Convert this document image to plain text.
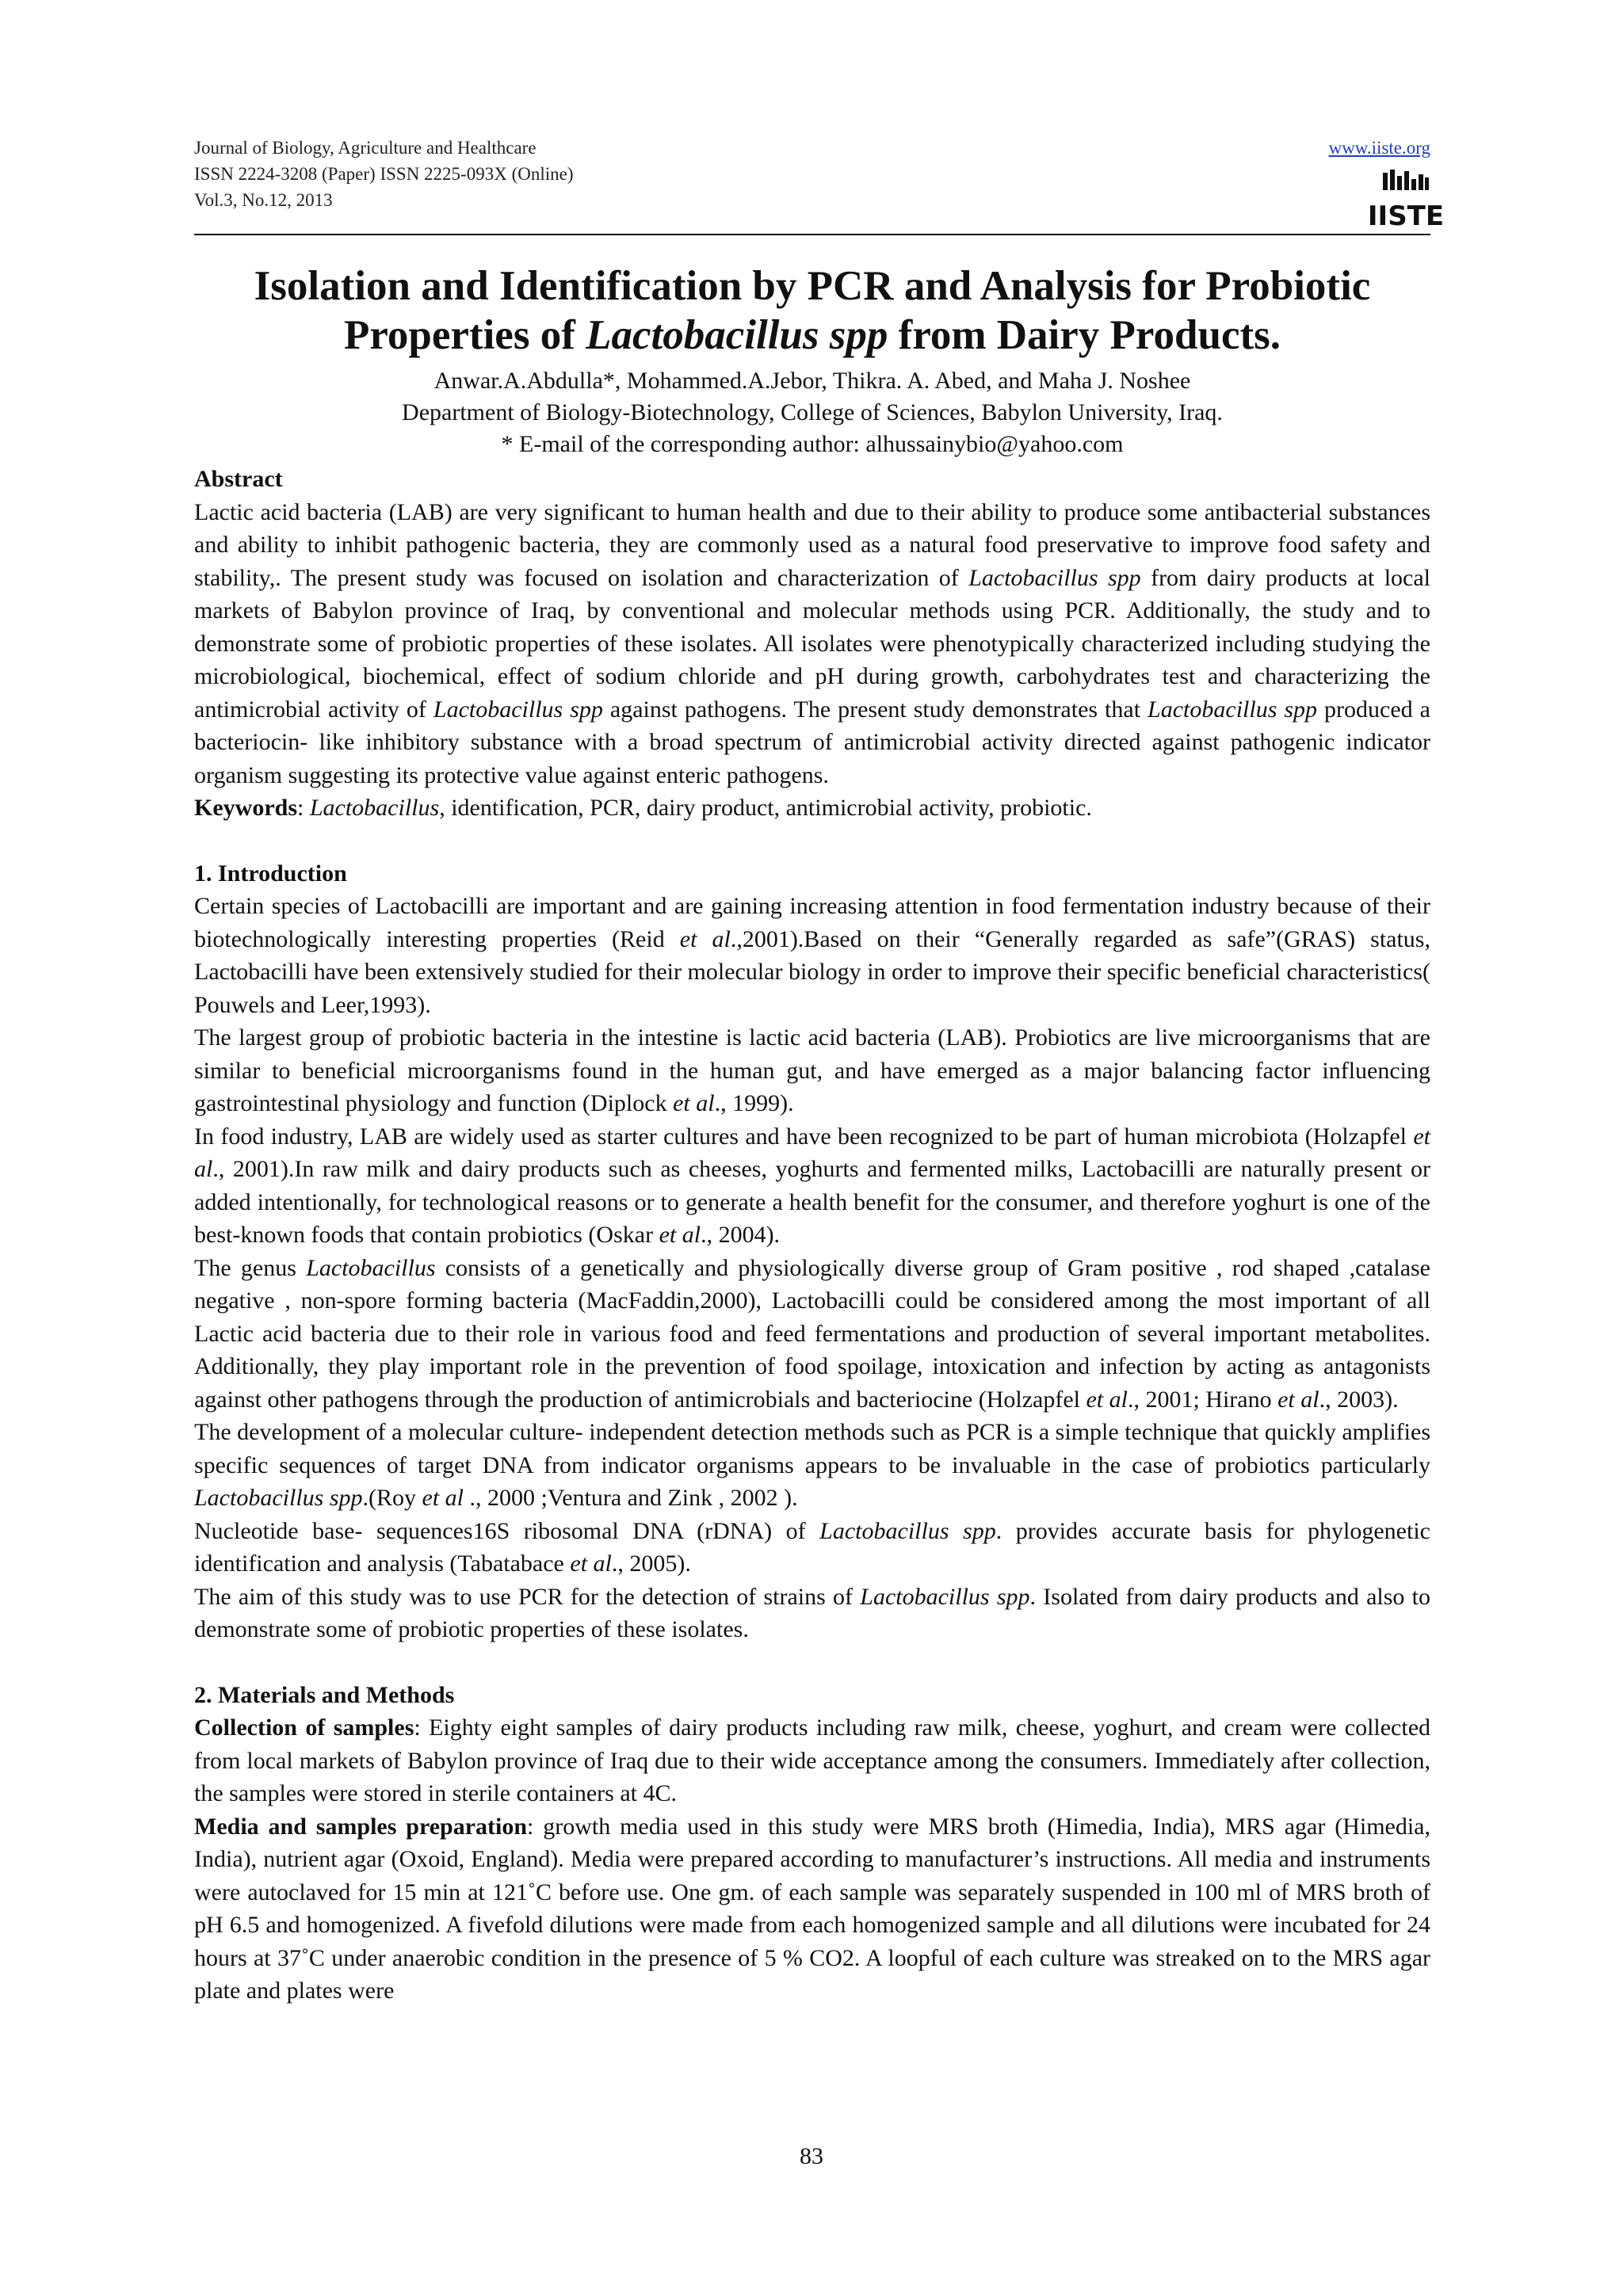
Journal of Biology, Agriculture and Healthcare
ISSN 2224-3208 (Paper) ISSN 2225-093X (Online)
Vol.3, No.12, 2013
www.iiste.org
IISTE
Isolation and Identification by PCR and Analysis for Probiotic
Properties of Lactobacillus spp from Dairy Products.
Anwar.A.Abdulla*, Mohammed.A.Jebor, Thikra. A. Abed, and Maha J. Noshee
Department of Biology-Biotechnology, College of Sciences, Babylon University, Iraq.
* E-mail of the corresponding author: alhussainybio@yahoo.com

Abstract

Lactic acid bacteria (LAB) are very significant to human health and due to their ability to produce some antibacterial substances and ability to inhibit pathogenic bacteria, they are commonly used as a natural food preservative to improve food safety and stability,. The present study was focused on isolation and characterization of Lactobacillus spp from dairy products at local markets of Babylon province of Iraq, by conventional and molecular methods using PCR. Additionally, the study and to demonstrate some of probiotic properties of these isolates. All isolates were phenotypically characterized including studying the microbiological, biochemical, effect of sodium chloride and pH during growth, carbohydrates test and characterizing the antimicrobial activity of Lactobacillus spp against pathogens. The present study demonstrates that Lactobacillus spp produced a bacteriocin- like inhibitory substance with a broad spectrum of antimicrobial activity directed against pathogenic indicator organism suggesting its protective value against enteric pathogens.

Keywords: Lactobacillus, identification, PCR, dairy product, antimicrobial activity, probiotic.

1. Introduction

Certain species of Lactobacilli are important and are gaining increasing attention in food fermentation industry because of their biotechnologically interesting properties (Reid et al.,2001).Based on their “Generally regarded as safe”(GRAS) status, Lactobacilli have been extensively studied for their molecular biology in order to improve their specific beneficial characteristics( Pouwels and Leer,1993).

The largest group of probiotic bacteria in the intestine is lactic acid bacteria (LAB). Probiotics are live microorganisms that are similar to beneficial microorganisms found in the human gut, and have emerged as a major balancing factor influencing gastrointestinal physiology and function (Diplock et al., 1999).

In food industry, LAB are widely used as starter cultures and have been recognized to be part of human microbiota (Holzapfel et al., 2001).In raw milk and dairy products such as cheeses, yoghurts and fermented milks, Lactobacilli are naturally present or added intentionally, for technological reasons or to generate a health benefit for the consumer, and therefore yoghurt is one of the best-known foods that contain probiotics (Oskar et al., 2004).

The genus Lactobacillus consists of a genetically and physiologically diverse group of Gram positive , rod shaped ,catalase negative , non-spore forming bacteria (MacFaddin,2000), Lactobacilli could be considered among the most important of all Lactic acid bacteria due to their role in various food and feed fermentations and production of several important metabolites. Additionally, they play important role in the prevention of food spoilage, intoxication and infection by acting as antagonists against other pathogens through the production of antimicrobials and bacteriocine (Holzapfel et al., 2001; Hirano et al., 2003).

The development of a molecular culture- independent detection methods such as PCR is a simple technique that quickly amplifies specific sequences of target DNA from indicator organisms appears to be invaluable in the case of probiotics particularly Lactobacillus spp.(Roy et al ., 2000 ;Ventura and Zink , 2002 ).

Nucleotide base- sequences16S ribosomal DNA (rDNA) of Lactobacillus spp. provides accurate basis for phylogenetic identification and analysis (Tabatabace et al., 2005).

The aim of this study was to use PCR for the detection of strains of Lactobacillus spp. Isolated from dairy products and also to demonstrate some of probiotic properties of these isolates.

2. Materials and Methods

Collection of samples: Eighty eight samples of dairy products including raw milk, cheese, yoghurt, and cream were collected from local markets of Babylon province of Iraq due to their wide acceptance among the consumers. Immediately after collection, the samples were stored in sterile containers at 4C.

Media and samples preparation: growth media used in this study were MRS broth (Himedia, India), MRS agar (Himedia, India), nutrient agar (Oxoid, England). Media were prepared according to manufacturer’s instructions. All media and instruments were autoclaved for 15 min at 121˚C before use. One gm. of each sample was separately suspended in 100 ml of MRS broth of pH 6.5 and homogenized. A fivefold dilutions were made from each homogenized sample and all dilutions were incubated for 24 hours at 37˚C under anaerobic condition in the presence of 5 % CO2. A loopful of each culture was streaked on to the MRS agar plate and plates were

83
